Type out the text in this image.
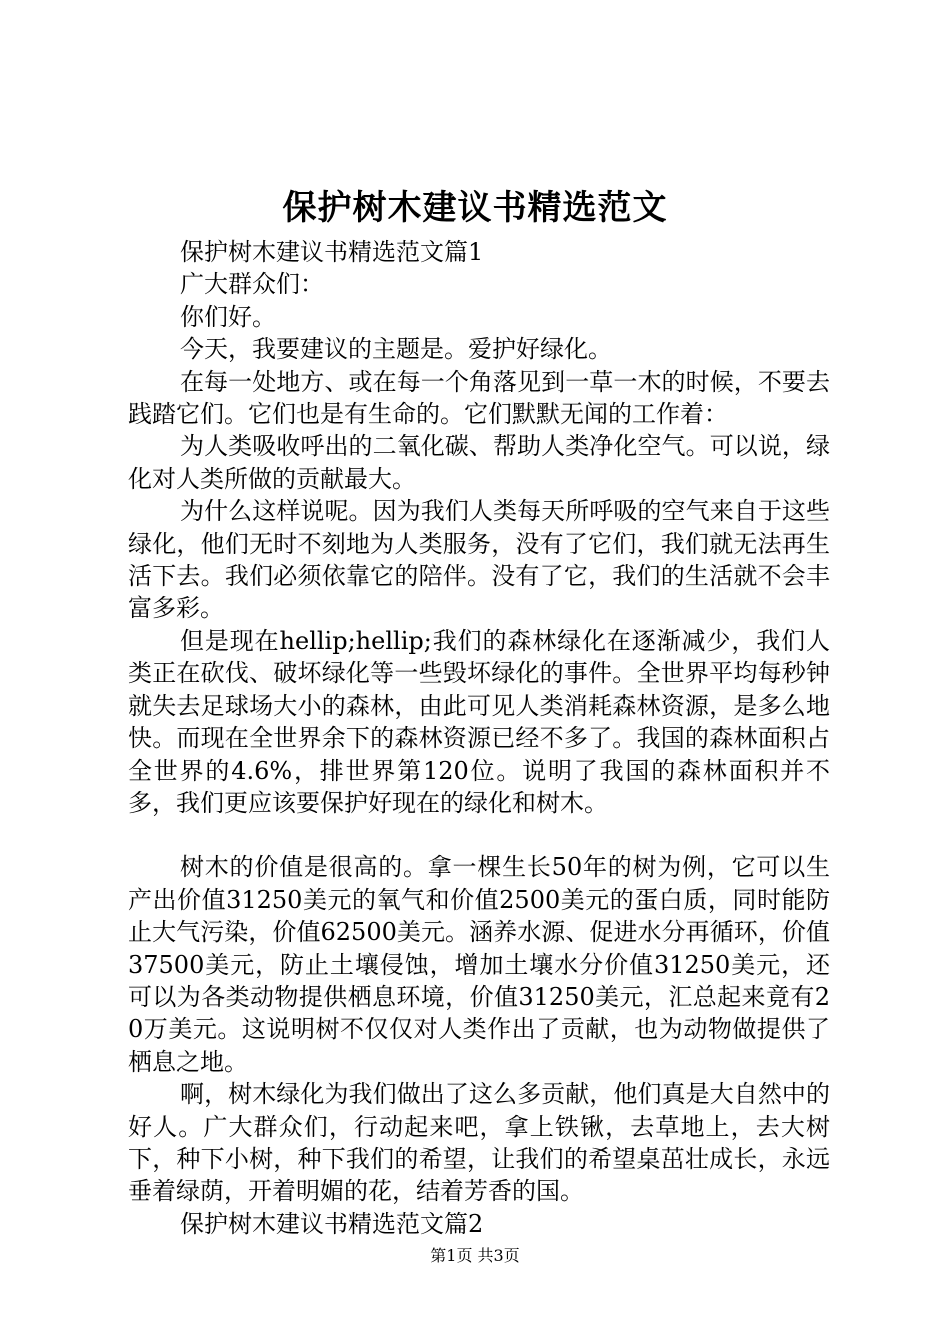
保护树木建议书精选范文

保护树木建议书精选范文篇1

广大群众们：

你们好。

今天，我要建议的主题是。爱护好绿化。

在每一处地方、或在每一个角落见到一草一木的时候，不要去践踏它们。它们也是有生命的。它们默默无闻的工作着：

为人类吸收呼出的二氧化碳、帮助人类净化空气。可以说，绿化对人类所做的贡献最大。

为什么这样说呢。因为我们人类每天所呼吸的空气来自于这些绿化，他们无时不刻地为人类服务，没有了它们，我们就无法再生活下去。我们必须依靠它的陪伴。没有了它，我们的生活就不会丰富多彩。

但是现在hellip;hellip;我们的森林绿化在逐渐减少，我们人类正在砍伐、破坏绿化等一些毁坏绿化的事件。全世界平均每秒钟就失去足球场大小的森林，由此可见人类消耗森林资源，是多么地快。而现在全世界余下的森林资源已经不多了。我国的森林面积占全世界的4.6%，排世界第120位。说明了我国的森林面积并不多，我们更应该要保护好现在的绿化和树木。

树木的价值是很高的。拿一棵生长50年的树为例，它可以生产出价值31250美元的氧气和价值2500美元的蛋白质，同时能防止大气污染，价值62500美元。涵养水源、促进水分再循环，价值37500美元，防止土壤侵蚀，增加土壤水分价值31250美元，还可以为各类动物提供栖息环境，价值31250美元，汇总起来竟有20万美元。这说明树不仅仅对人类作出了贡献，也为动物做提供了栖息之地。

啊，树木绿化为我们做出了这么多贡献，他们真是大自然中的好人。广大群众们，行动起来吧，拿上铁锹，去草地上，去大树下，种下小树，种下我们的希望，让我们的希望桌茁壮成长，永远垂着绿荫，开着明媚的花，结着芳香的国。

保护树木建议书精选范文篇2

第1页 共3页
